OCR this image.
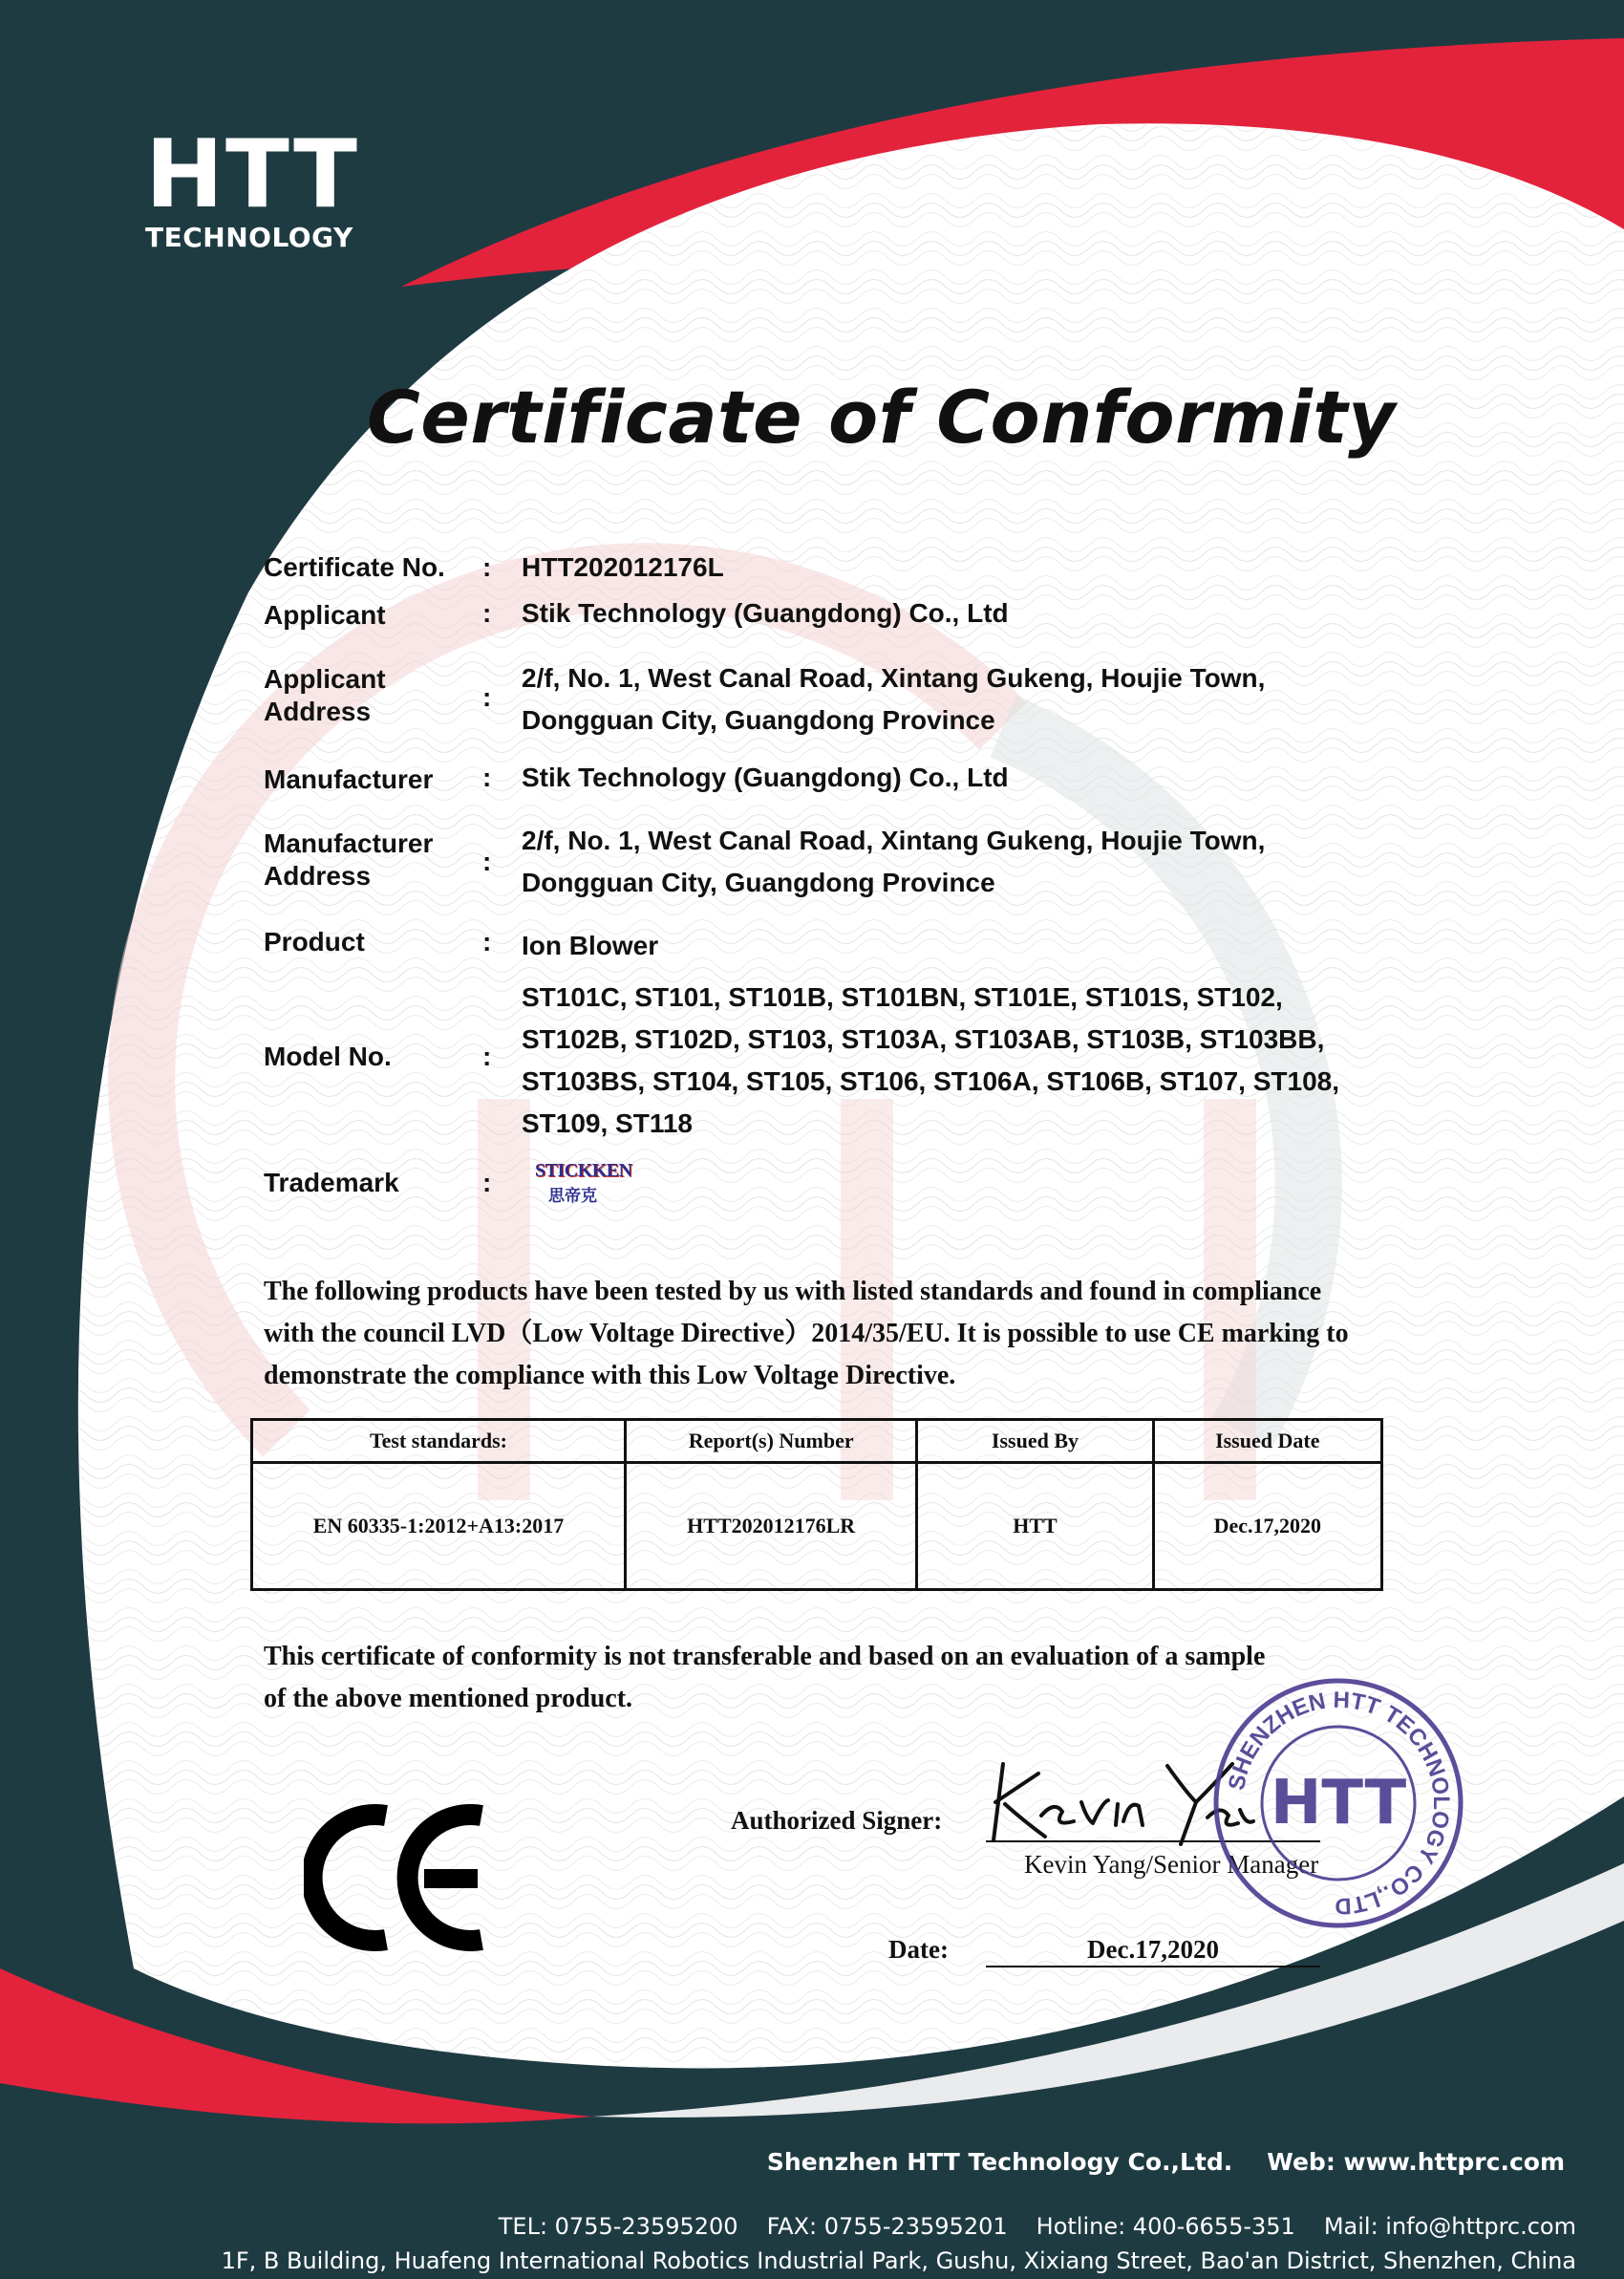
HTT
TECHNOLOGY
Certificate of Conformity
Certificate No. : HTT202012176L
Applicant	: Stik Technology (Guangdong) Co., Ltd
Applicant
Address	:
2/f, No. 1, West Canal Road, Xintang Gukeng, Houjie Town,
Dongguan City, Guangdong Province
Manufacturer : Stik Technology (Guangdong) Co., Ltd
Manufacturer
Address	:
2/f, No. 1, West Canal Road, Xintang Gukeng, Houjie Town,
Dongguan City, Guangdong Province
Product	: Ion Blower
Model No.	:
ST101C, ST101, ST101B, ST101BN, ST101E, ST101S, ST102,
ST102B, ST102D, ST103, ST103A, ST103AB, ST103B, ST103BB,
ST103BS, ST104, ST105, ST106, ST106A, ST106B, ST107, ST108,
ST109, ST118
Trademark	: STICKKEN
思帝克
The following products have been tested by us with listed standards and found in compliance
with the council LVD（Low Voltage Directive）2014/35/EU. It is possible to use CE marking to
demonstrate the compliance with this Low Voltage Directive.
Test standards:	Report(s) Number	Issued By	Issued Date
EN 60335-1:2012+A13:2017	HTT202012176LR	HTT	Dec.17,2020
This certificate of conformity is not transferable and based on an evaluation of a sample
of the above mentioned product.
Authorized Signer:
Kevin Yang/Senior Manager
SHENZHEN HTT TECHNOLOGY CO.,LTD
HTT
Date:	Dec.17,2020
Shenzhen HTT Technology Co.,Ltd. Web: www.httprc.com
TEL: 0755-23595200 FAX: 0755-23595201 Hotline: 400-6655-351 Mail: info@httprc.com
1F, B Building, Huafeng International Robotics Industrial Park, Gushu, Xixiang Street, Bao'an District, Shenzhen, China
